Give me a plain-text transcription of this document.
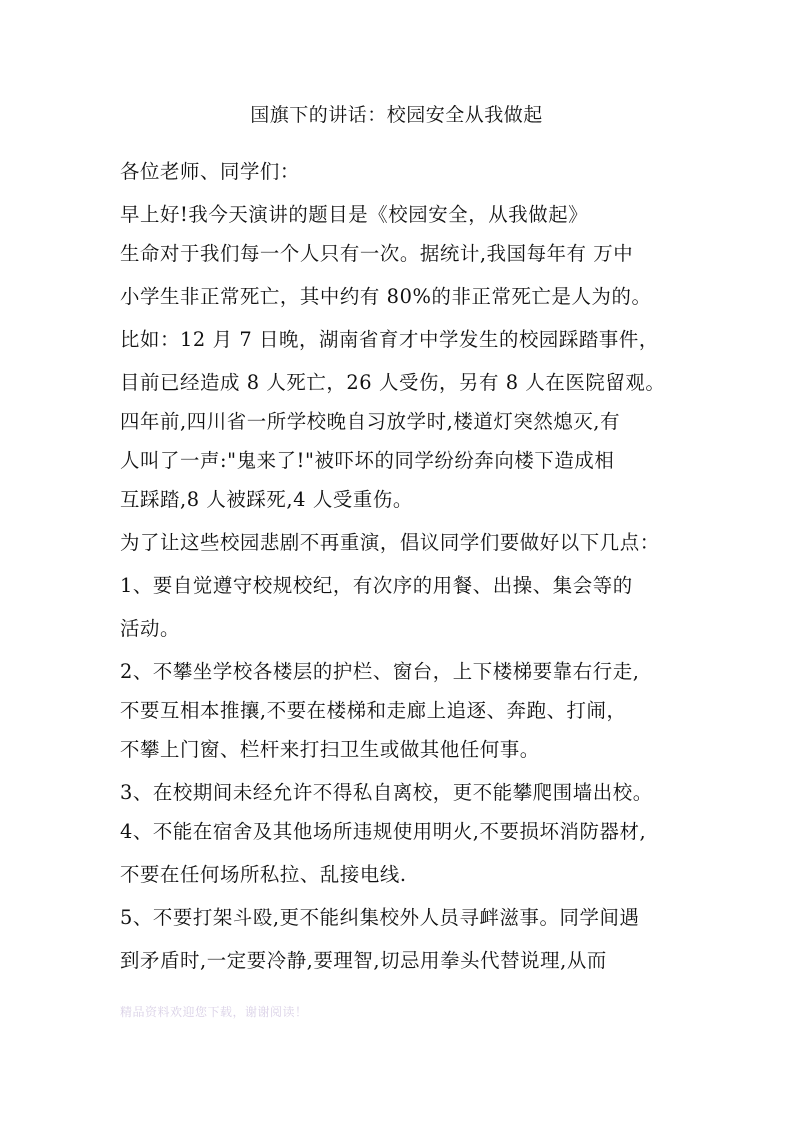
国旗下的讲话：校园安全从我做起
各位老师、同学们：
早上好!我今天演讲的题目是《校园安全，从我做起》
生命对于我们每一个人只有一次。据统计,我国每年有 万中
小学生非正常死亡，其中约有 80%的非正常死亡是人为的。
比如：12 月 7 日晚，湖南省育才中学发生的校园踩踏事件，
目前已经造成 8 人死亡，26 人受伤，另有 8 人在医院留观。
四年前,四川省一所学校晚自习放学时,楼道灯突然熄灭,有
人叫了一声:"鬼来了!"被吓坏的同学纷纷奔向楼下造成相
互踩踏,8 人被踩死,4 人受重伤。
为了让这些校园悲剧不再重演，倡议同学们要做好以下几点：
1、要自觉遵守校规校纪，有次序的用餐、出操、集会等的
活动。
2、不攀坐学校各楼层的护栏、窗台，上下楼梯要靠右行走,
不要互相本推攘,不要在楼梯和走廊上追逐、奔跑、打闹，
不攀上门窗、栏杆来打扫卫生或做其他任何事。
3、在校期间未经允许不得私自离校，更不能攀爬围墙出校。
4、不能在宿舍及其他场所违规使用明火,不要损坏消防器材,
不要在任何场所私拉、乱接电线.
5、不要打架斗殴,更不能纠集校外人员寻衅滋事。同学间遇
到矛盾时,一定要冷静,要理智,切忌用拳头代替说理,从而
精品资料欢迎您下载，谢谢阅读！
